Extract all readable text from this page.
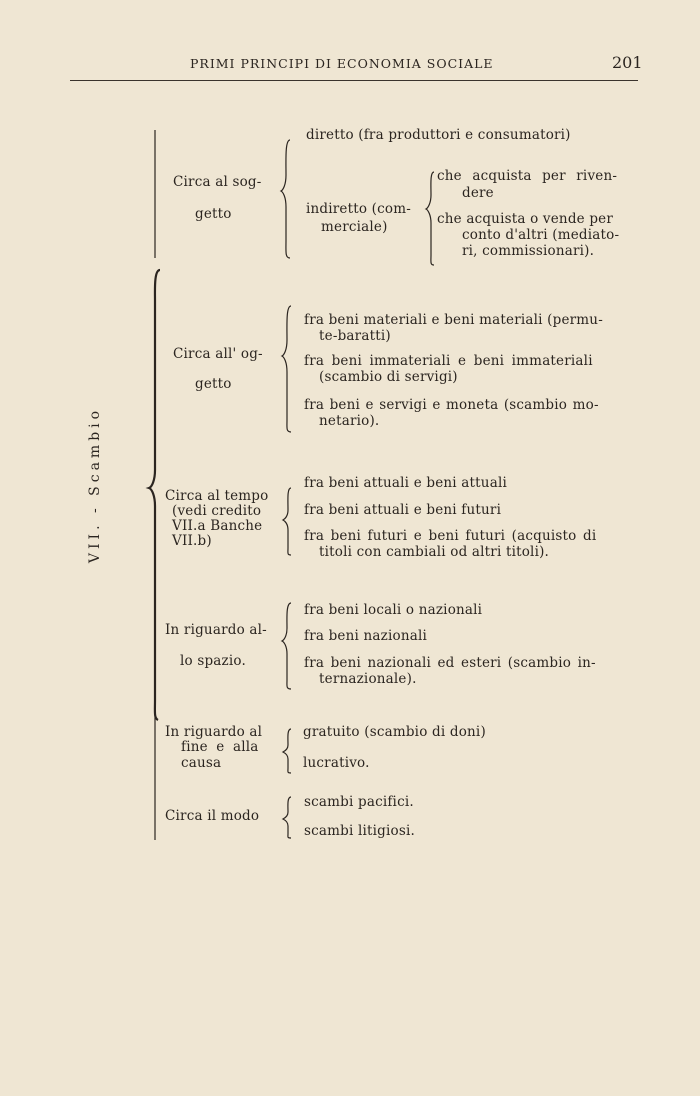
PRIMI PRINCIPI DI ECONOMIA SOCIALE	201
VII. - Scambio
Circa al sog-
getto
diretto (fra produttori e consumatori)
indiretto (com-
merciale)
che acquista per riven-
dere
che acquista o vende per
conto d'altri (mediato-
ri, commissionari).
Circa all' og-
getto
fra beni materiali e beni materiali (permu-
te-baratti)
fra beni immateriali e beni immateriali
(scambio di servigi)
fra beni e servigi e moneta (scambio mo-
netario).
Circa al tempo
(vedi credito
VII.a Banche
VII.b)
fra beni attuali e beni attuali
fra beni attuali e beni futuri
fra beni futuri e beni futuri (acquisto di
titoli con cambiali od altri titoli).
In riguardo al-
lo spazio.
fra beni locali o nazionali
fra beni nazionali
fra beni nazionali ed esteri (scambio in-
ternazionale).
In riguardo al
fine e alla
causa
gratuito (scambio di doni)
lucrativo.
Circa il modo
scambi pacifici.
scambi litigiosi.
